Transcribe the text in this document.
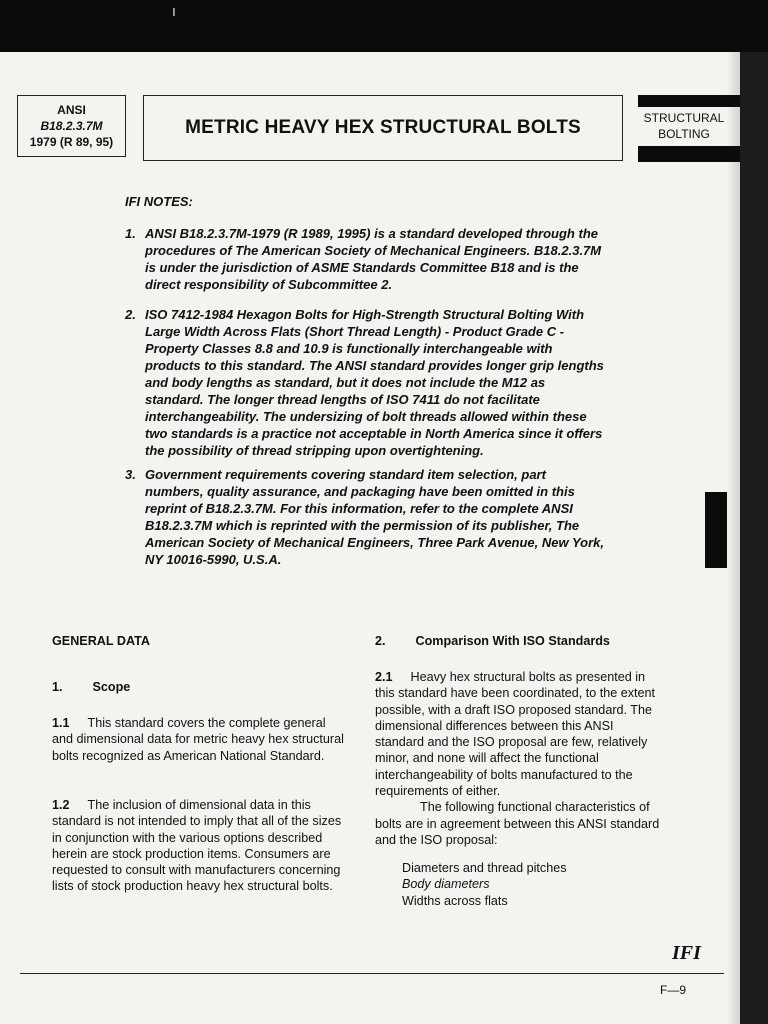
ı
ANSI
B18.2.3.7M
1979 (R 89, 95)
METRIC HEAVY HEX STRUCTURAL BOLTS	STRUCTURAL
BOLTING
IFI NOTES:
1. ANSI B18.2.3.7M-1979 (R 1989, 1995) is a standard developed through the procedures of The American Society of Mechanical Engineers. B18.2.3.7M is under the jurisdiction of ASME Standards Committee B18 and is the direct responsibility of Subcommittee 2.
2. ISO 7412-1984 Hexagon Bolts for High-Strength Structural Bolting With Large Width Across Flats (Short Thread Length) - Product Grade C - Property Classes 8.8 and 10.9 is functionally interchangeable with products to this standard. The ANSI standard provides longer grip lengths and body lengths as standard, but it does not include the M12 as standard. The longer thread lengths of ISO 7411 do not facilitate interchangeability. The undersizing of bolt threads allowed within these two standards is a practice not acceptable in North America since it offers the possibility of thread stripping upon overtightening.
3. Government requirements covering standard item selection, part numbers, quality assurance, and packaging have been omitted in this reprint of B18.2.3.7M. For this information, refer to the complete ANSI B18.2.3.7M which is reprinted with the permission of its publisher, The American Society of Mechanical Engineers, Three Park Avenue, New York, NY 10016-5990, U.S.A.
GENERAL DATA
1. Scope
1.1 This standard covers the complete general and dimensional data for metric heavy hex structural bolts recognized as American National Standard.
1.2 The inclusion of dimensional data in this standard is not intended to imply that all of the sizes in conjunction with the various options described herein are stock production items. Consumers are requested to consult with manufacturers concerning lists of stock production heavy hex structural bolts.
2. Comparison With ISO Standards
2.1 Heavy hex structural bolts as presented in this standard have been coordinated, to the extent possible, with a draft ISO proposed standard. The dimensional differences between this ANSI standard and the ISO proposal are few, relatively minor, and none will affect the functional interchangeability of bolts manufactured to the requirements of either.
The following functional characteristics of bolts are in agreement between this ANSI standard and the ISO proposal:
Diameters and thread pitches
Body diameters
Widths across flats
IFI
F—9
